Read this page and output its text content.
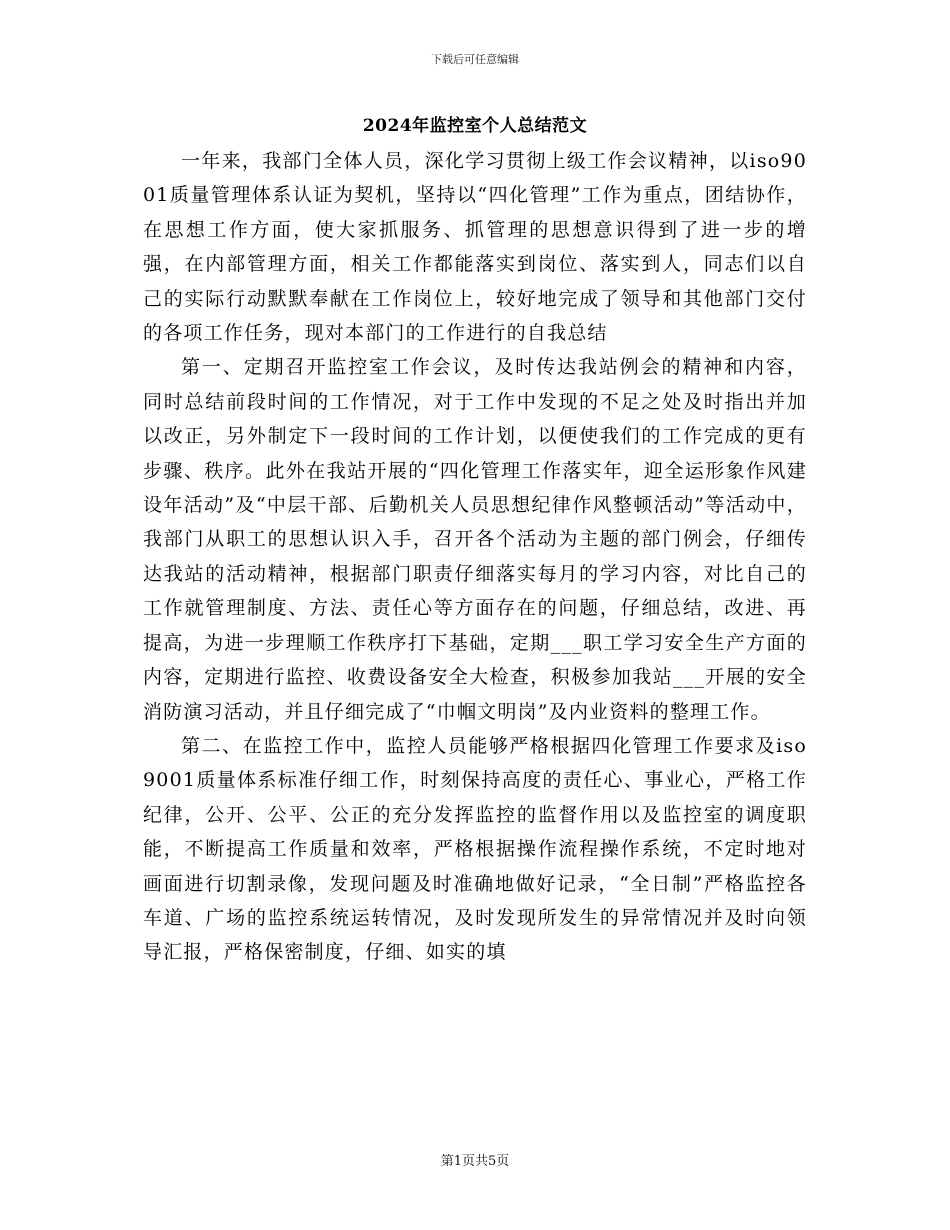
下载后可任意编辑
2024年监控室个人总结范文

一年来，我部门全体人员，深化学习贯彻上级工作会议精神，以iso9001质量管理体系认证为契机，坚持以“四化管理”工作为重点，团结协作，在思想工作方面，使大家抓服务、抓管理的思想意识得到了进一步的增强，在内部管理方面，相关工作都能落实到岗位、落实到人，同志们以自己的实际行动默默奉献在工作岗位上，较好地完成了领导和其他部门交付的各项工作任务，现对本部门的工作进行的自我总结

第一、定期召开监控室工作会议，及时传达我站例会的精神和内容，同时总结前段时间的工作情况，对于工作中发现的不足之处及时指出并加以改正，另外制定下一段时间的工作计划，以便使我们的工作完成的更有步骤、秩序。此外在我站开展的“四化管理工作落实年，迎全运形象作风建设年活动”及“中层干部、后勤机关人员思想纪律作风整顿活动”等活动中，我部门从职工的思想认识入手，召开各个活动为主题的部门例会，仔细传达我站的活动精神，根据部门职责仔细落实每月的学习内容，对比自己的工作就管理制度、方法、责任心等方面存在的问题，仔细总结，改进、再提高，为进一步理顺工作秩序打下基础，定期___职工学习安全生产方面的内容，定期进行监控、收费设备安全大检查，积极参加我站___开展的安全消防演习活动，并且仔细完成了“巾帼文明岗”及内业资料的整理工作。

第二、在监控工作中，监控人员能够严格根据四化管理工作要求及iso9001质量体系标准仔细工作，时刻保持高度的责任心、事业心，严格工作纪律，公开、公平、公正的充分发挥监控的监督作用以及监控室的调度职能，不断提高工作质量和效率，严格根据操作流程操作系统，不定时地对画面进行切割录像，发现问题及时准确地做好记录，“全日制”严格监控各车道、广场的监控系统运转情况，及时发现所发生的异常情况并及时向领导汇报，严格保密制度，仔细、如实的填

第1页共5页
